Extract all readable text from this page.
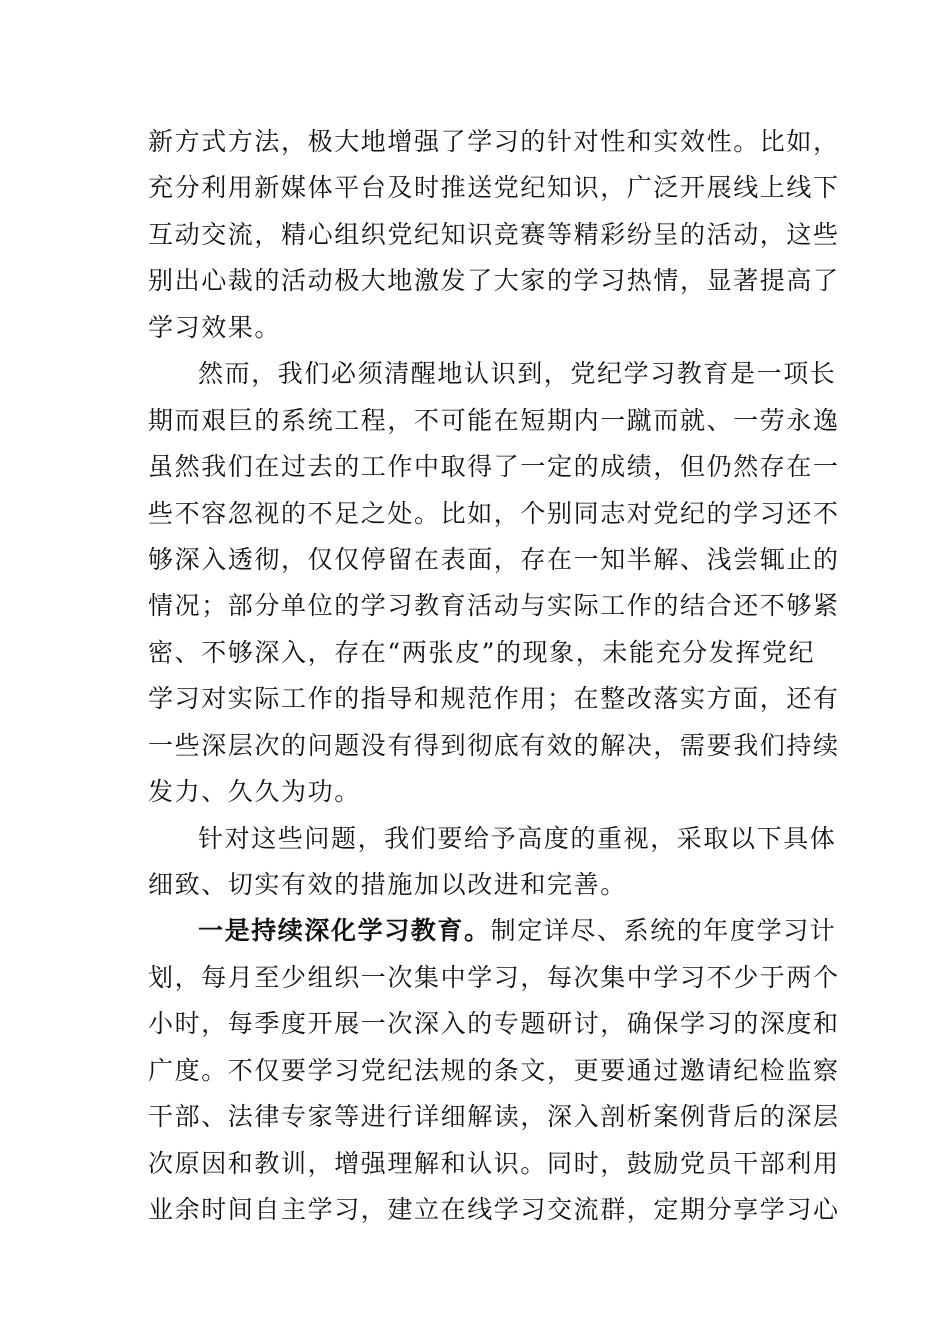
新方式方法，极大地增强了学习的针对性和实效性。比如，
充分利用新媒体平台及时推送党纪知识，广泛开展线上线下
互动交流，精心组织党纪知识竞赛等精彩纷呈的活动，这些
别出心裁的活动极大地激发了大家的学习热情，显著提高了
学习效果。
然而，我们必须清醒地认识到，党纪学习教育是一项长
期而艰巨的系统工程，不可能在短期内一蹴而就、一劳永逸
虽然我们在过去的工作中取得了一定的成绩，但仍然存在一
些不容忽视的不足之处。比如，个别同志对党纪的学习还不
够深入透彻，仅仅停留在表面，存在一知半解、浅尝辄止的
情况；部分单位的学习教育活动与实际工作的结合还不够紧
密、不够深入，存在“两张皮”的现象，未能充分发挥党纪
学习对实际工作的指导和规范作用；在整改落实方面，还有
一些深层次的问题没有得到彻底有效的解决，需要我们持续
发力、久久为功。
针对这些问题，我们要给予高度的重视，采取以下具体
细致、切实有效的措施加以改进和完善。
一是持续深化学习教育。制定详尽、系统的年度学习计
划，每月至少组织一次集中学习，每次集中学习不少于两个
小时，每季度开展一次深入的专题研讨，确保学习的深度和
广度。不仅要学习党纪法规的条文，更要通过邀请纪检监察
干部、法律专家等进行详细解读，深入剖析案例背后的深层
次原因和教训，增强理解和认识。同时，鼓励党员干部利用
业余时间自主学习，建立在线学习交流群，定期分享学习心
